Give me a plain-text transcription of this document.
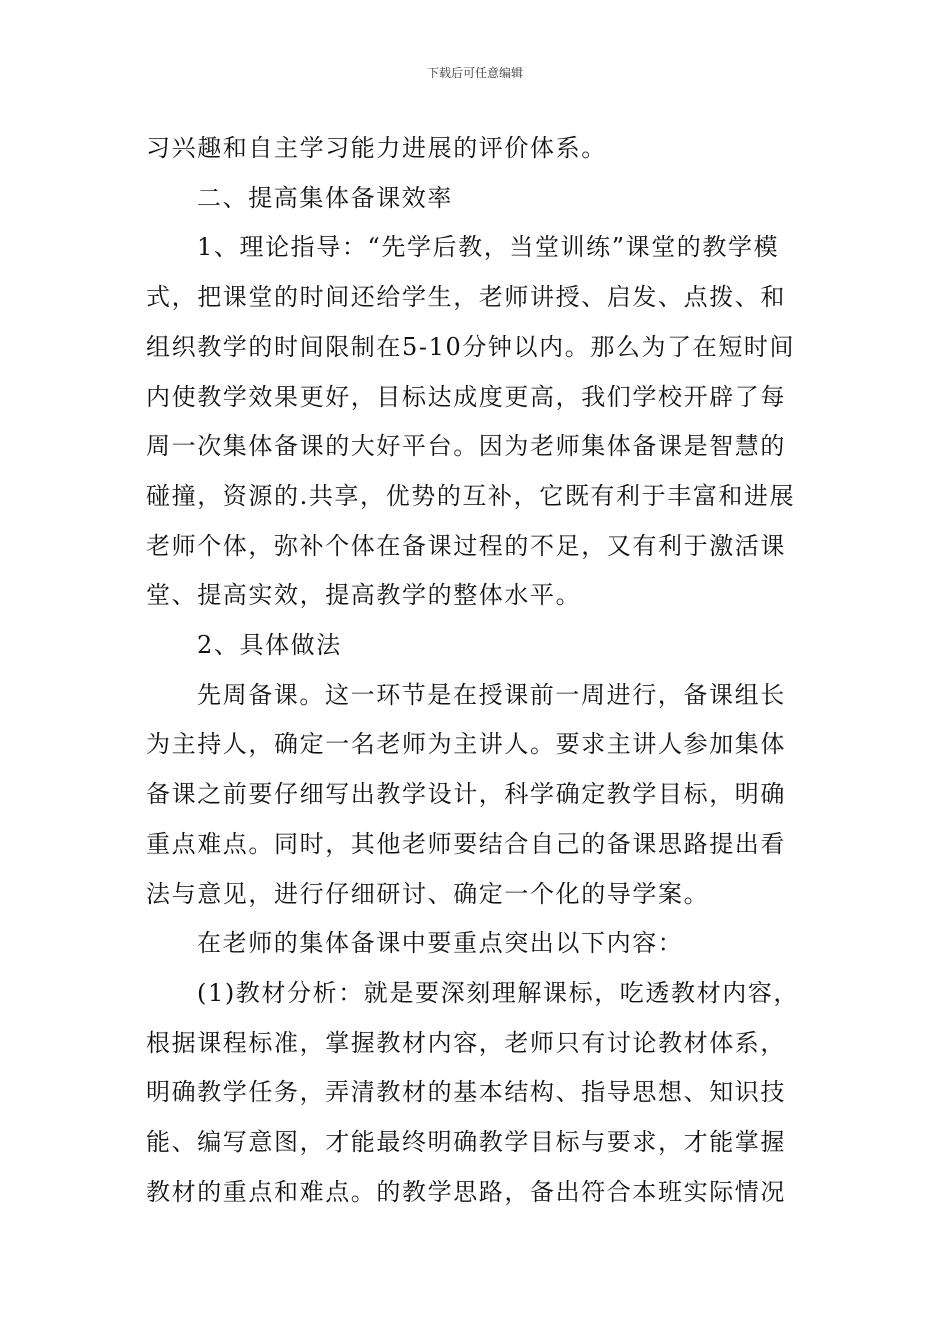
下载后可任意编辑

习兴趣和自主学习能力进展的评价体系。

二、提高集体备课效率

1、理论指导：“先学后教，当堂训练”课堂的教学模

式，把课堂的时间还给学生，老师讲授、启发、点拨、和

组织教学的时间限制在5-10分钟以内。那么为了在短时间

内使教学效果更好，目标达成度更高，我们学校开辟了每

周一次集体备课的大好平台。因为老师集体备课是智慧的

碰撞，资源的.共享，优势的互补，它既有利于丰富和进展

老师个体，弥补个体在备课过程的不足，又有利于激活课

堂、提高实效，提高教学的整体水平。

2、具体做法

先周备课。这一环节是在授课前一周进行，备课组长

为主持人，确定一名老师为主讲人。要求主讲人参加集体

备课之前要仔细写出教学设计，科学确定教学目标，明确

重点难点。同时，其他老师要结合自己的备课思路提出看

法与意见，进行仔细研讨、确定一个化的导学案。

在老师的集体备课中要重点突出以下内容：

(1)教材分析：就是要深刻理解课标，吃透教材内容，

根据课程标准，掌握教材内容，老师只有讨论教材体系，

明确教学任务，弄清教材的基本结构、指导思想、知识技

能、编写意图，才能最终明确教学目标与要求，才能掌握

教材的重点和难点。的教学思路，备出符合本班实际情况
